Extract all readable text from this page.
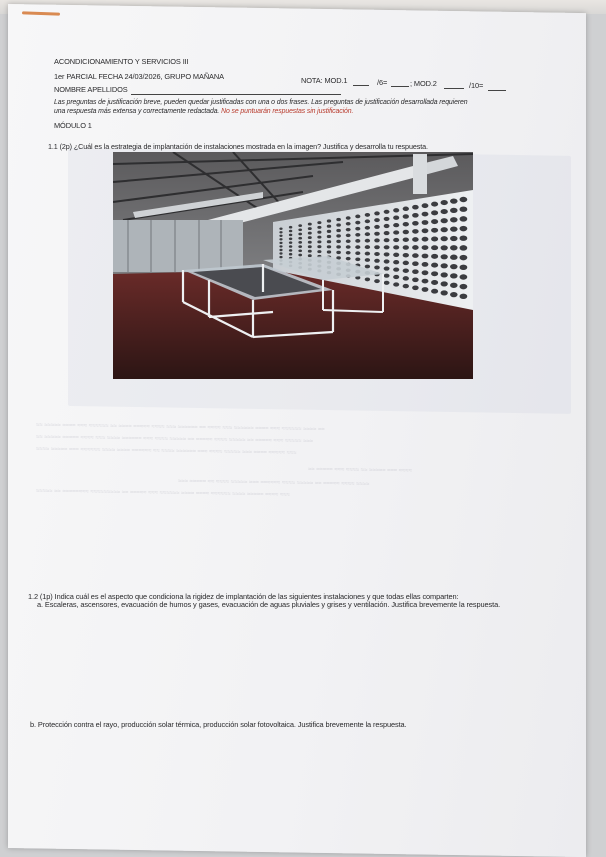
≈≈ ≈≈≈≈≈ ≈≈≈≈ ≈≈≈ ≈≈≈≈≈≈ ≈≈ ≈≈≈≈ ≈≈≈≈≈ ≈≈≈≈ ≈≈≈ ≈≈≈≈≈≈ ≈≈ ≈≈≈≈ ≈≈≈ ≈≈≈≈≈≈ ≈≈≈≈ ≈≈≈ ≈≈≈≈≈≈ ≈≈≈≈ ≈≈
≈≈ ≈≈≈≈≈ ≈≈≈≈≈ ≈≈≈≈ ≈≈≈ ≈≈≈≈ ≈≈≈≈≈≈ ≈≈≈ ≈≈≈≈ ≈≈≈≈≈ ≈≈ ≈≈≈≈≈ ≈≈≈≈ ≈≈≈≈≈ ≈≈ ≈≈≈≈≈ ≈≈≈ ≈≈≈≈≈ ≈≈≈
≈≈≈≈ ≈≈≈≈≈ ≈≈≈ ≈≈≈≈≈≈ ≈≈≈≈ ≈≈≈≈ ≈≈≈≈≈≈ ≈≈ ≈≈≈≈ ≈≈≈≈≈≈ ≈≈≈ ≈≈≈≈ ≈≈≈≈≈ ≈≈≈ ≈≈≈≈ ≈≈≈≈≈ ≈≈≈
≈≈ ≈≈≈≈≈ ≈≈≈ ≈≈≈≈ ≈≈ ≈≈≈≈≈ ≈≈≈ ≈≈≈≈
≈≈≈ ≈≈≈≈≈ ≈≈ ≈≈≈≈ ≈≈≈≈≈ ≈≈≈ ≈≈≈≈≈≈ ≈≈≈≈ ≈≈≈≈≈ ≈≈ ≈≈≈≈≈ ≈≈≈≈ ≈≈≈≈
≈≈≈≈≈ ≈≈ ≈≈≈≈≈≈≈≈ ≈≈≈≈≈≈≈≈≈ ≈≈ ≈≈≈≈≈ ≈≈≈ ≈≈≈≈≈≈ ≈≈≈≈ ≈≈≈≈ ≈≈≈≈≈≈ ≈≈≈≈ ≈≈≈≈≈ ≈≈≈≈ ≈≈≈
ACONDICIONAMIENTO Y SERVICIOS III
1er PARCIAL FECHA 24/03/2026, GRUPO MAÑANA
NOMBRE APELLIDOS
NOTA: MOD.1	/6=	; MOD.2	/10=
Las preguntas de justificación breve, pueden quedar justificadas con una o dos frases. Las preguntas de justificación desarrollada requieren
una respuesta más extensa y correctamente redactada. No se puntuarán respuestas sin justificación.
MÓDULO 1
1.1 (2p) ¿Cuál es la estrategia de implantación de instalaciones mostrada en la imagen? Justifica y desarrolla tu respuesta.
1.2 (1p) Indica cuál es el aspecto que condiciona la rigidez de implantación de las siguientes instalaciones y que todas ellas comparten:
a. Escaleras, ascensores, evacuación de humos y gases, evacuación de aguas pluviales y grises y ventilación. Justifica brevemente la respuesta.
b. Protección contra el rayo, producción solar térmica, producción solar fotovoltaica. Justifica brevemente la respuesta.
